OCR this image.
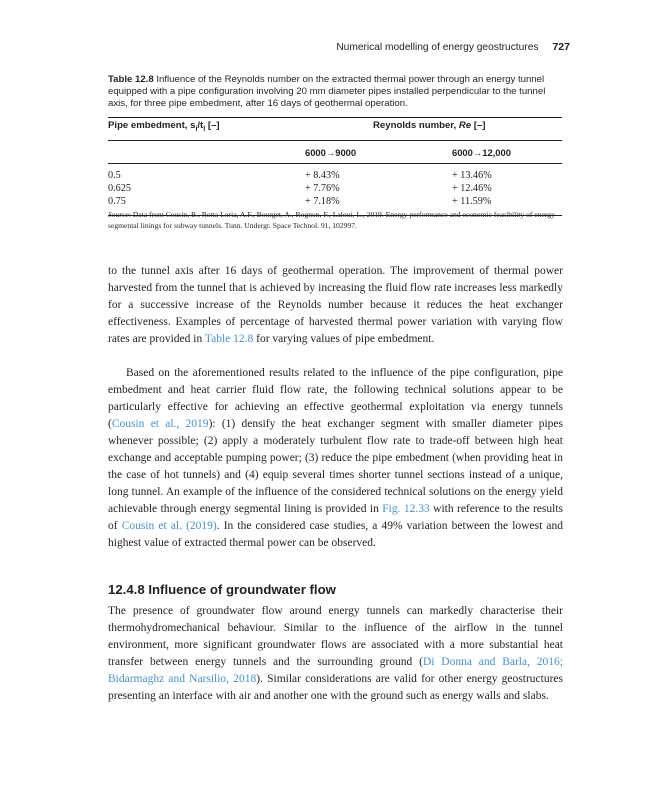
Numerical modelling of energy geostructures 727
Table 12.8 Influence of the Reynolds number on the extracted thermal power through an energy tunnel equipped with a pipe configuration involving 20 mm diameter pipes installed perpendicular to the tunnel axis, for three pipe embedment, after 16 days of geothermal operation.
Pipe embedment, $s_i/t_l$ [–]	Reynolds number, Re [–]	
	6000→9000	6000→12,000
0.5	+ 8.43%	+ 13.46%
0.625	+ 7.76%	+ 12.46%
0.75	+ 7.18%	+ 11.59%
Source: Data from Cousin, B., Rotta Loria, A.F., Bourget, A., Rognon, F., Laloui, L., 2019. Energy performance and economic feasibility of energy segmental linings for subway tunnels. Tunn. Undergr. Space Technol. 91, 102997.

to the tunnel axis after 16 days of geothermal operation. The improvement of thermal power harvested from the tunnel that is achieved by increasing the fluid flow rate increases less markedly for a successive increase of the Reynolds number because it reduces the heat exchanger effectiveness. Examples of percentage of harvested thermal power variation with varying flow rates are provided in Table 12.8 for varying values of pipe embedment.

Based on the aforementioned results related to the influence of the pipe configuration, pipe embedment and heat carrier fluid flow rate, the following technical solutions appear to be particularly effective for achieving an effective geothermal exploitation via energy tunnels (Cousin et al., 2019): (1) densify the heat exchanger segment with smaller diameter pipes whenever possible; (2) apply a moderately turbulent flow rate to trade-off between high heat exchange and acceptable pumping power; (3) reduce the pipe embedment (when providing heat in the case of hot tunnels) and (4) equip several times shorter tunnel sections instead of a unique, long tunnel. An example of the influence of the considered technical solutions on the energy yield achievable through energy segmental lining is provided in Fig. 12.33 with reference to the results of Cousin et al. (2019). In the considered case studies, a 49% variation between the lowest and highest value of extracted thermal power can be observed.

12.4.8 Influence of groundwater flow

The presence of groundwater flow around energy tunnels can markedly characterise their thermohydromechanical behaviour. Similar to the influence of the airflow in the tunnel environment, more significant groundwater flows are associated with a more substantial heat transfer between energy tunnels and the surrounding ground (Di Donna and Barla, 2016; Bidarmaghz and Narsilio, 2018). Similar considerations are valid for other energy geostructures presenting an interface with air and another one with the ground such as energy walls and slabs.
